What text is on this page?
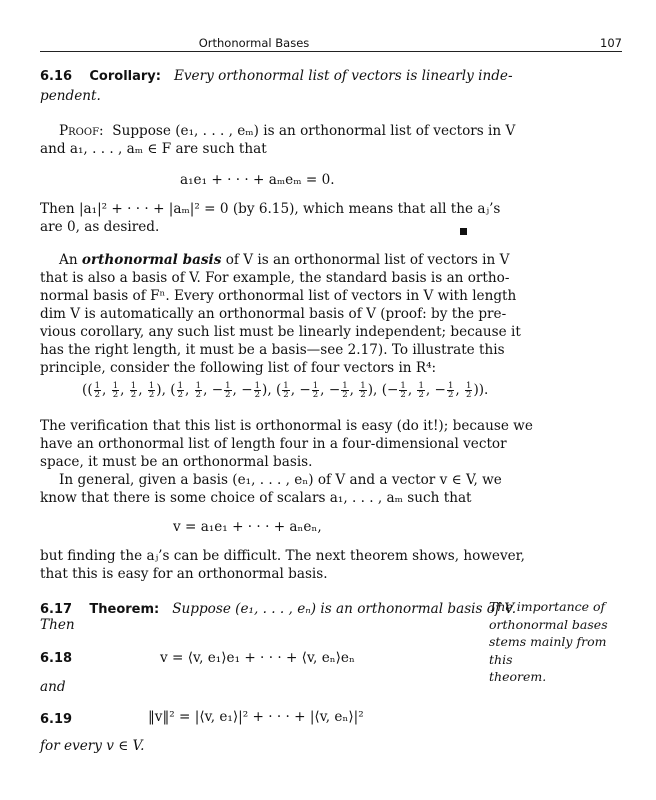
Orthonormal Bases	107
6.16 Corollary: Every orthonormal list of vectors is linearly inde-
pendent.
Proof: Suppose (e₁, . . . , eₘ) is an orthonormal list of vectors in V
and a₁, . . . , aₘ ∈ F are such that
a₁e₁ + · · · + aₘeₘ = 0.
Then |a₁|² + · · · + |aₘ|² = 0 (by 6.15), which means that all the aⱼ’s
are 0, as desired.
An orthonormal basis of V is an orthonormal list of vectors in V
that is also a basis of V. For example, the standard basis is an ortho-
normal basis of Fⁿ. Every orthonormal list of vectors in V with length
dim V is automatically an orthonormal basis of V (proof: by the pre-
vious corollary, any such list must be linearly independent; because it
has the right length, it must be a basis—see 2.17). To illustrate this
principle, consider the following list of four vectors in R⁴:
(( $\frac{1}{2}$ , $\frac{1}{2}$ , $\frac{1}{2}$ , $\frac{1}{2}$ ), ( $\frac{1}{2}$ , $\frac{1}{2}$ , − $\frac{1}{2}$ , − $\frac{1}{2}$ ), ( $\frac{1}{2}$ , − $\frac{1}{2}$ , − $\frac{1}{2}$ , $\frac{1}{2}$ ), (− $\frac{1}{2}$ , $\frac{1}{2}$ , − $\frac{1}{2}$ , $\frac{1}{2}$ )).
The verification that this list is orthonormal is easy (do it!); because we
have an orthonormal list of length four in a four-dimensional vector
space, it must be an orthonormal basis.
In general, given a basis (e₁, . . . , eₙ) of V and a vector v ∈ V, we
know that there is some choice of scalars a₁, . . . , aₘ such that
v = a₁e₁ + · · · + aₙeₙ,
but finding the aⱼ’s can be difficult. The next theorem shows, however,
that this is easy for an orthonormal basis.
6.17 Theorem: Suppose (e₁, . . . , eₙ) is an orthonormal basis of V.
Then
6.18	v = ⟨v, e₁⟩e₁ + · · · + ⟨v, eₙ⟩eₙ
and
6.19	‖v‖² = |⟨v, e₁⟩|² + · · · + |⟨v, eₙ⟩|²
for every v ∈ V.
The importance of
orthonormal bases
stems mainly from this
theorem.
